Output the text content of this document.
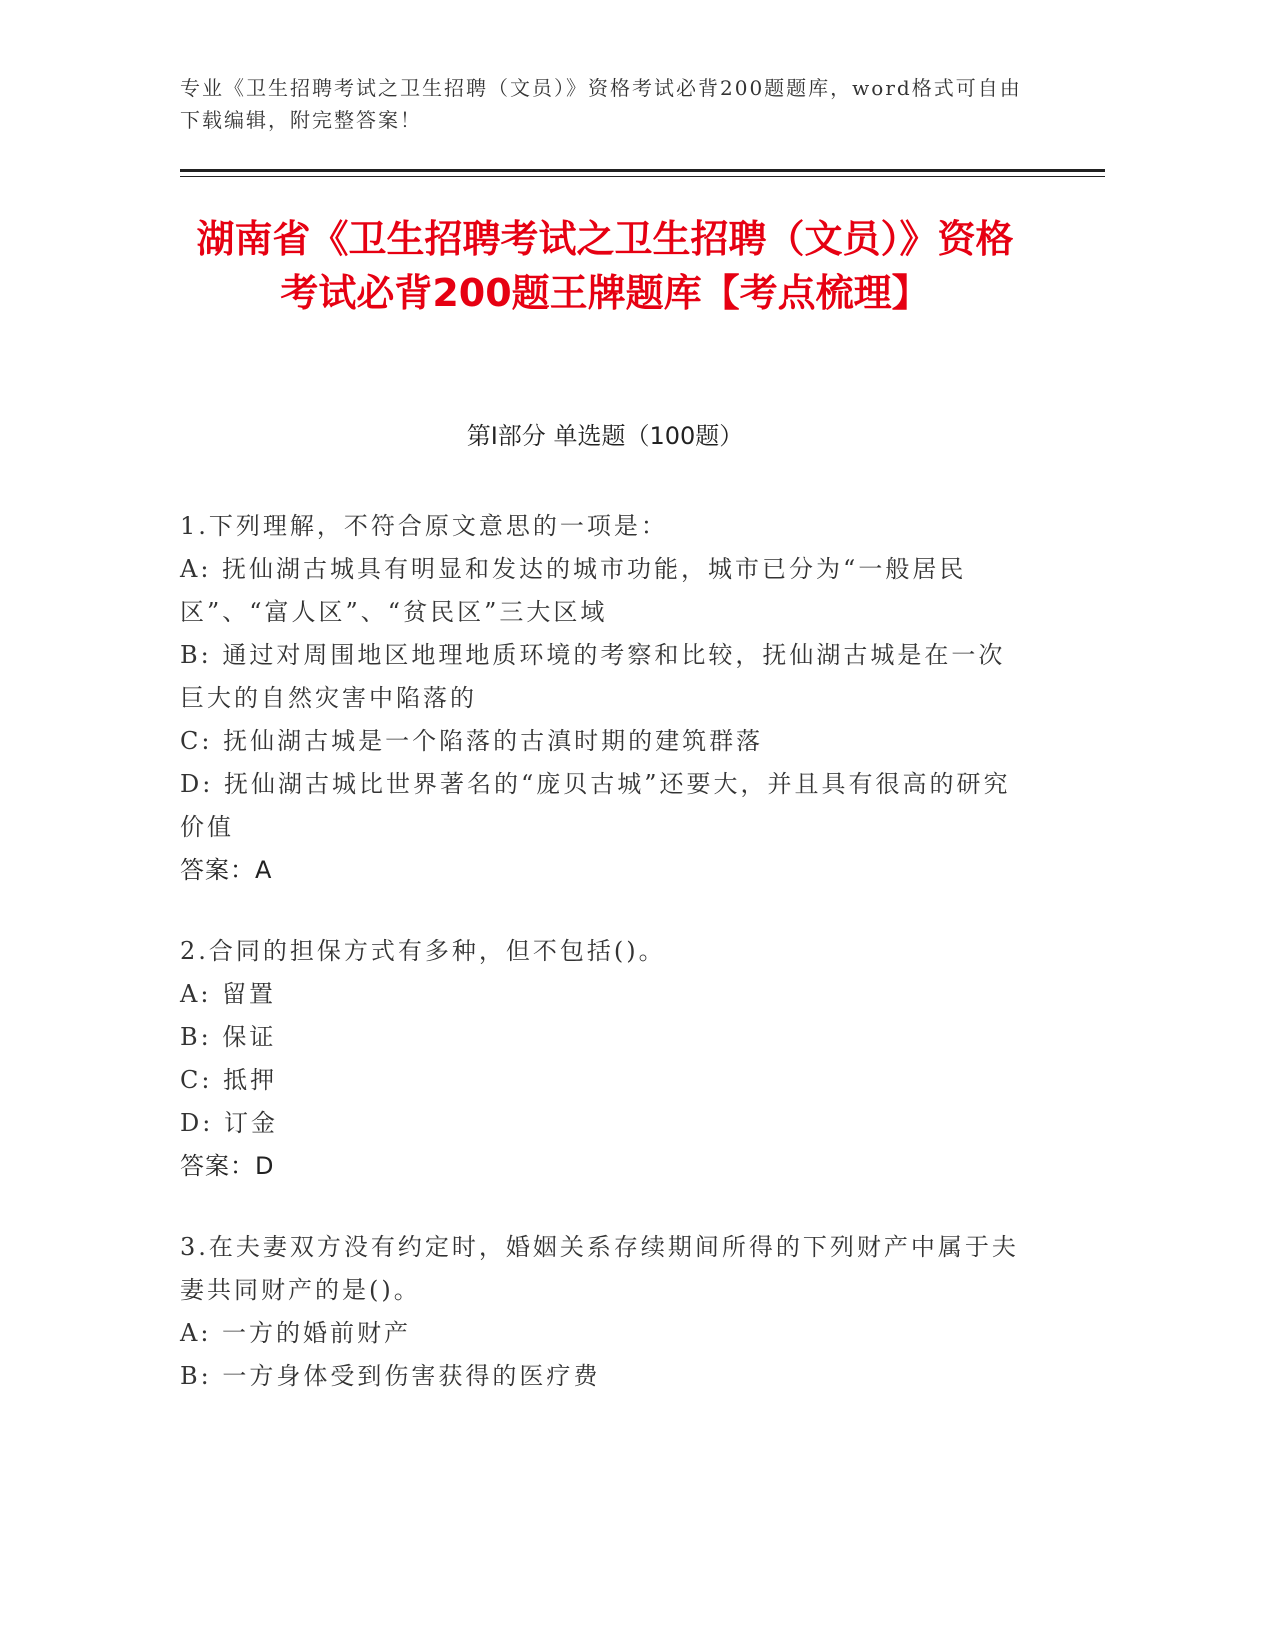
专业《卫生招聘考试之卫生招聘（文员）》资格考试必背200题题库，word格式可自由下载编辑，附完整答案！
湖南省《卫生招聘考试之卫生招聘（文员）》资格考试必背200题王牌题库【考点梳理】
第Ⅰ部分 单选题（100题）
1.下列理解，不符合原文意思的一项是：
A: 抚仙湖古城具有明显和发达的城市功能，城市已分为“一般居民区”、“富人区”、“贫民区”三大区域
B: 通过对周围地区地理地质环境的考察和比较，抚仙湖古城是在一次巨大的自然灾害中陷落的
C: 抚仙湖古城是一个陷落的古滇时期的建筑群落
D: 抚仙湖古城比世界著名的“庞贝古城”还要大，并且具有很高的研究价值
答案：A
2.合同的担保方式有多种，但不包括()。
A: 留置
B: 保证
C: 抵押
D: 订金
答案：D
3.在夫妻双方没有约定时，婚姻关系存续期间所得的下列财产中属于夫妻共同财产的是()。
A: 一方的婚前财产
B: 一方身体受到伤害获得的医疗费
